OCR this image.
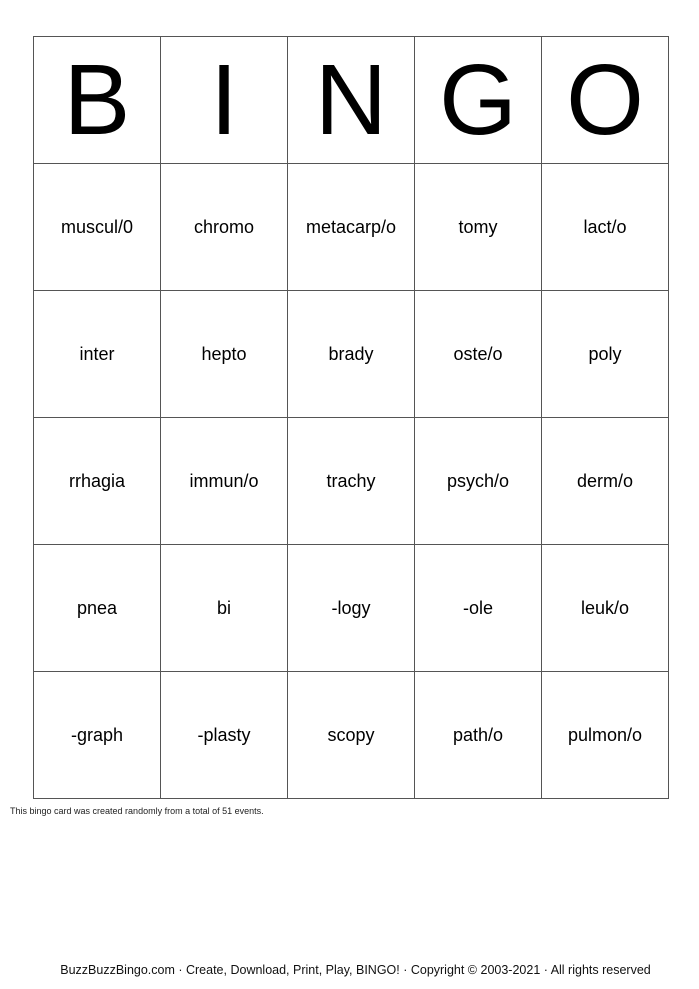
B	I	N	G	O
muscul/0	chromo	metacarp/o	tomy	lact/o
inter	hepto	brady	oste/o	poly
rrhagia	immun/o	trachy	psych/o	derm/o
pnea	bi	-logy	-ole	leuk/o
-graph	-plasty	scopy	path/o	pulmon/o
This bingo card was created randomly from a total of 51 events.
BuzzBuzzBingo.com · Create, Download, Print, Play, BINGO! · Copyright © 2003-2021 · All rights reserved
